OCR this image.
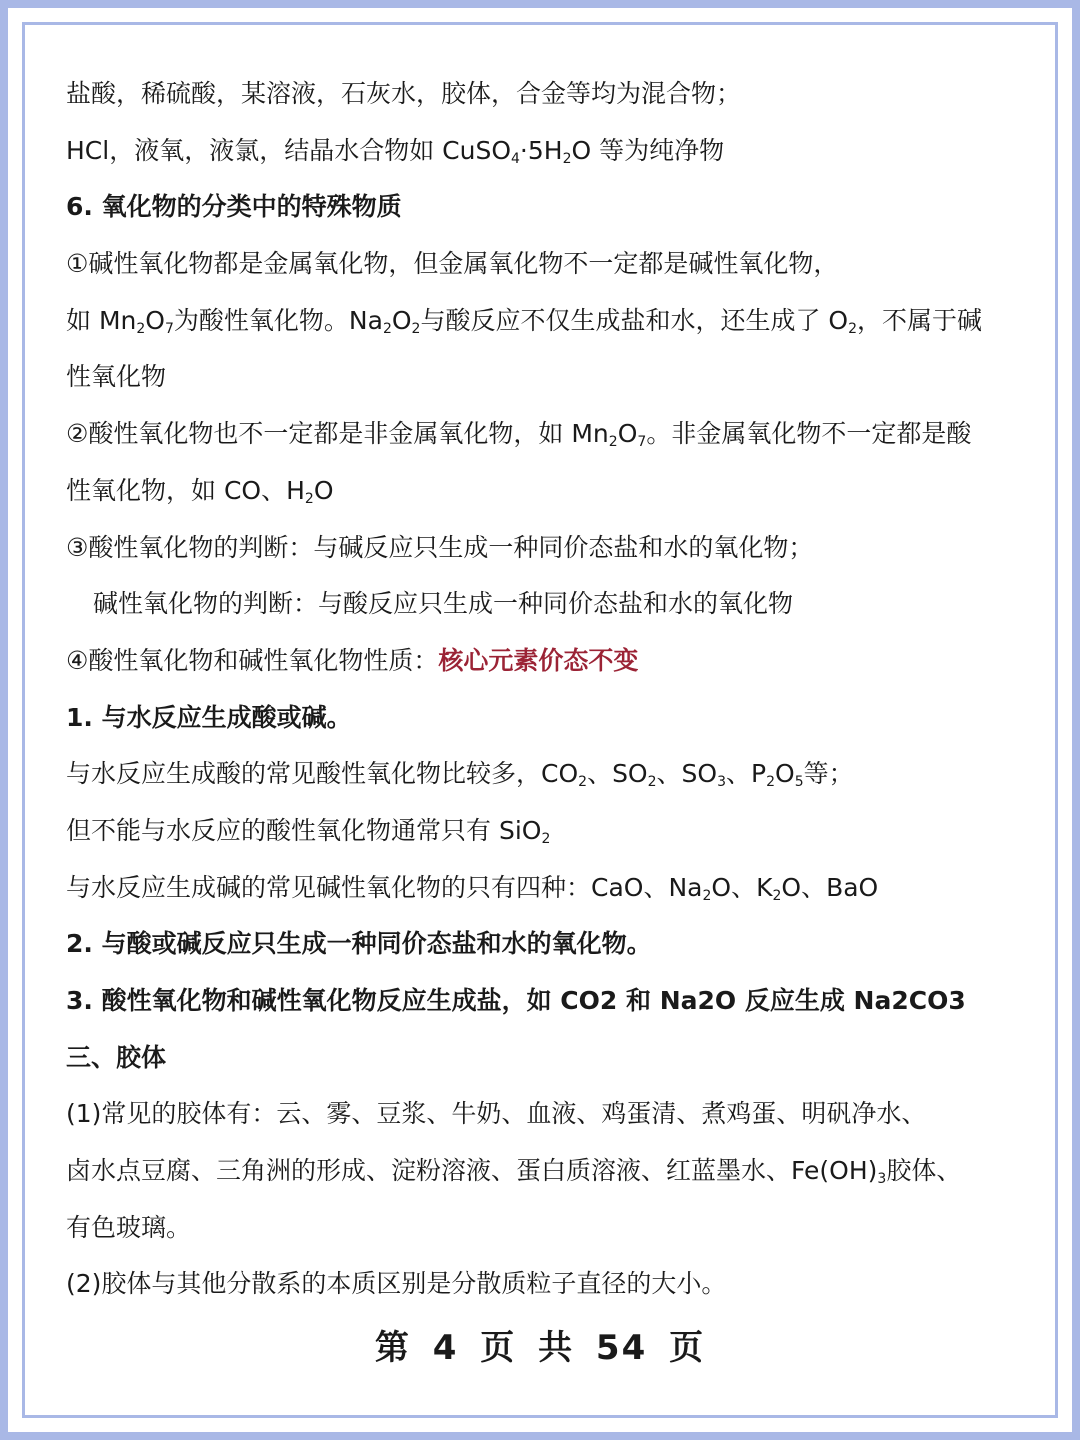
盐酸，稀硫酸，某溶液，石灰水，胶体，合金等均为混合物；
HCl，液氧，液氯，结晶水合物如 $CuSO_4\cdot 5H_2O$ 等为纯净物
6. 氧化物的分类中的特殊物质
①碱性氧化物都是金属氧化物，但金属氧化物不一定都是碱性氧化物，
如 $Mn_2O_7$为酸性氧化物。$Na_2O_2$与酸反应不仅生成盐和水，还生成了 $O_2$，不属于碱
性氧化物
②酸性氧化物也不一定都是非金属氧化物，如 $Mn_2O_7$。非金属氧化物不一定都是酸
性氧化物，如 CO、$H_2O$
③酸性氧化物的判断：与碱反应只生成一种同价态盐和水的氧化物；
碱性氧化物的判断：与酸反应只生成一种同价态盐和水的氧化物
④酸性氧化物和碱性氧化物性质：核心元素价态不变
1. 与水反应生成酸或碱。
与水反应生成酸的常见酸性氧化物比较多，$CO_2$、$SO_2$、$SO_3$、$P_2O_5$等；
但不能与水反应的酸性氧化物通常只有 SiO$_2$
与水反应生成碱的常见碱性氧化物的只有四种：CaO、$Na_2O$、$K_2O$、BaO
2. 与酸或碱反应只生成一种同价态盐和水的氧化物。
3. 酸性氧化物和碱性氧化物反应生成盐，如 CO2 和 Na2O 反应生成 Na2CO3
三、胶体
(1)常见的胶体有：云、雾、豆浆、牛奶、血液、鸡蛋清、煮鸡蛋、明矾净水、
卤水点豆腐、三角洲的形成、淀粉溶液、蛋白质溶液、红蓝墨水、$Fe(OH)_3$胶体、
有色玻璃。
(2)胶体与其他分散系的本质区别是分散质粒子直径的大小。
第 4 页 共 54 页
